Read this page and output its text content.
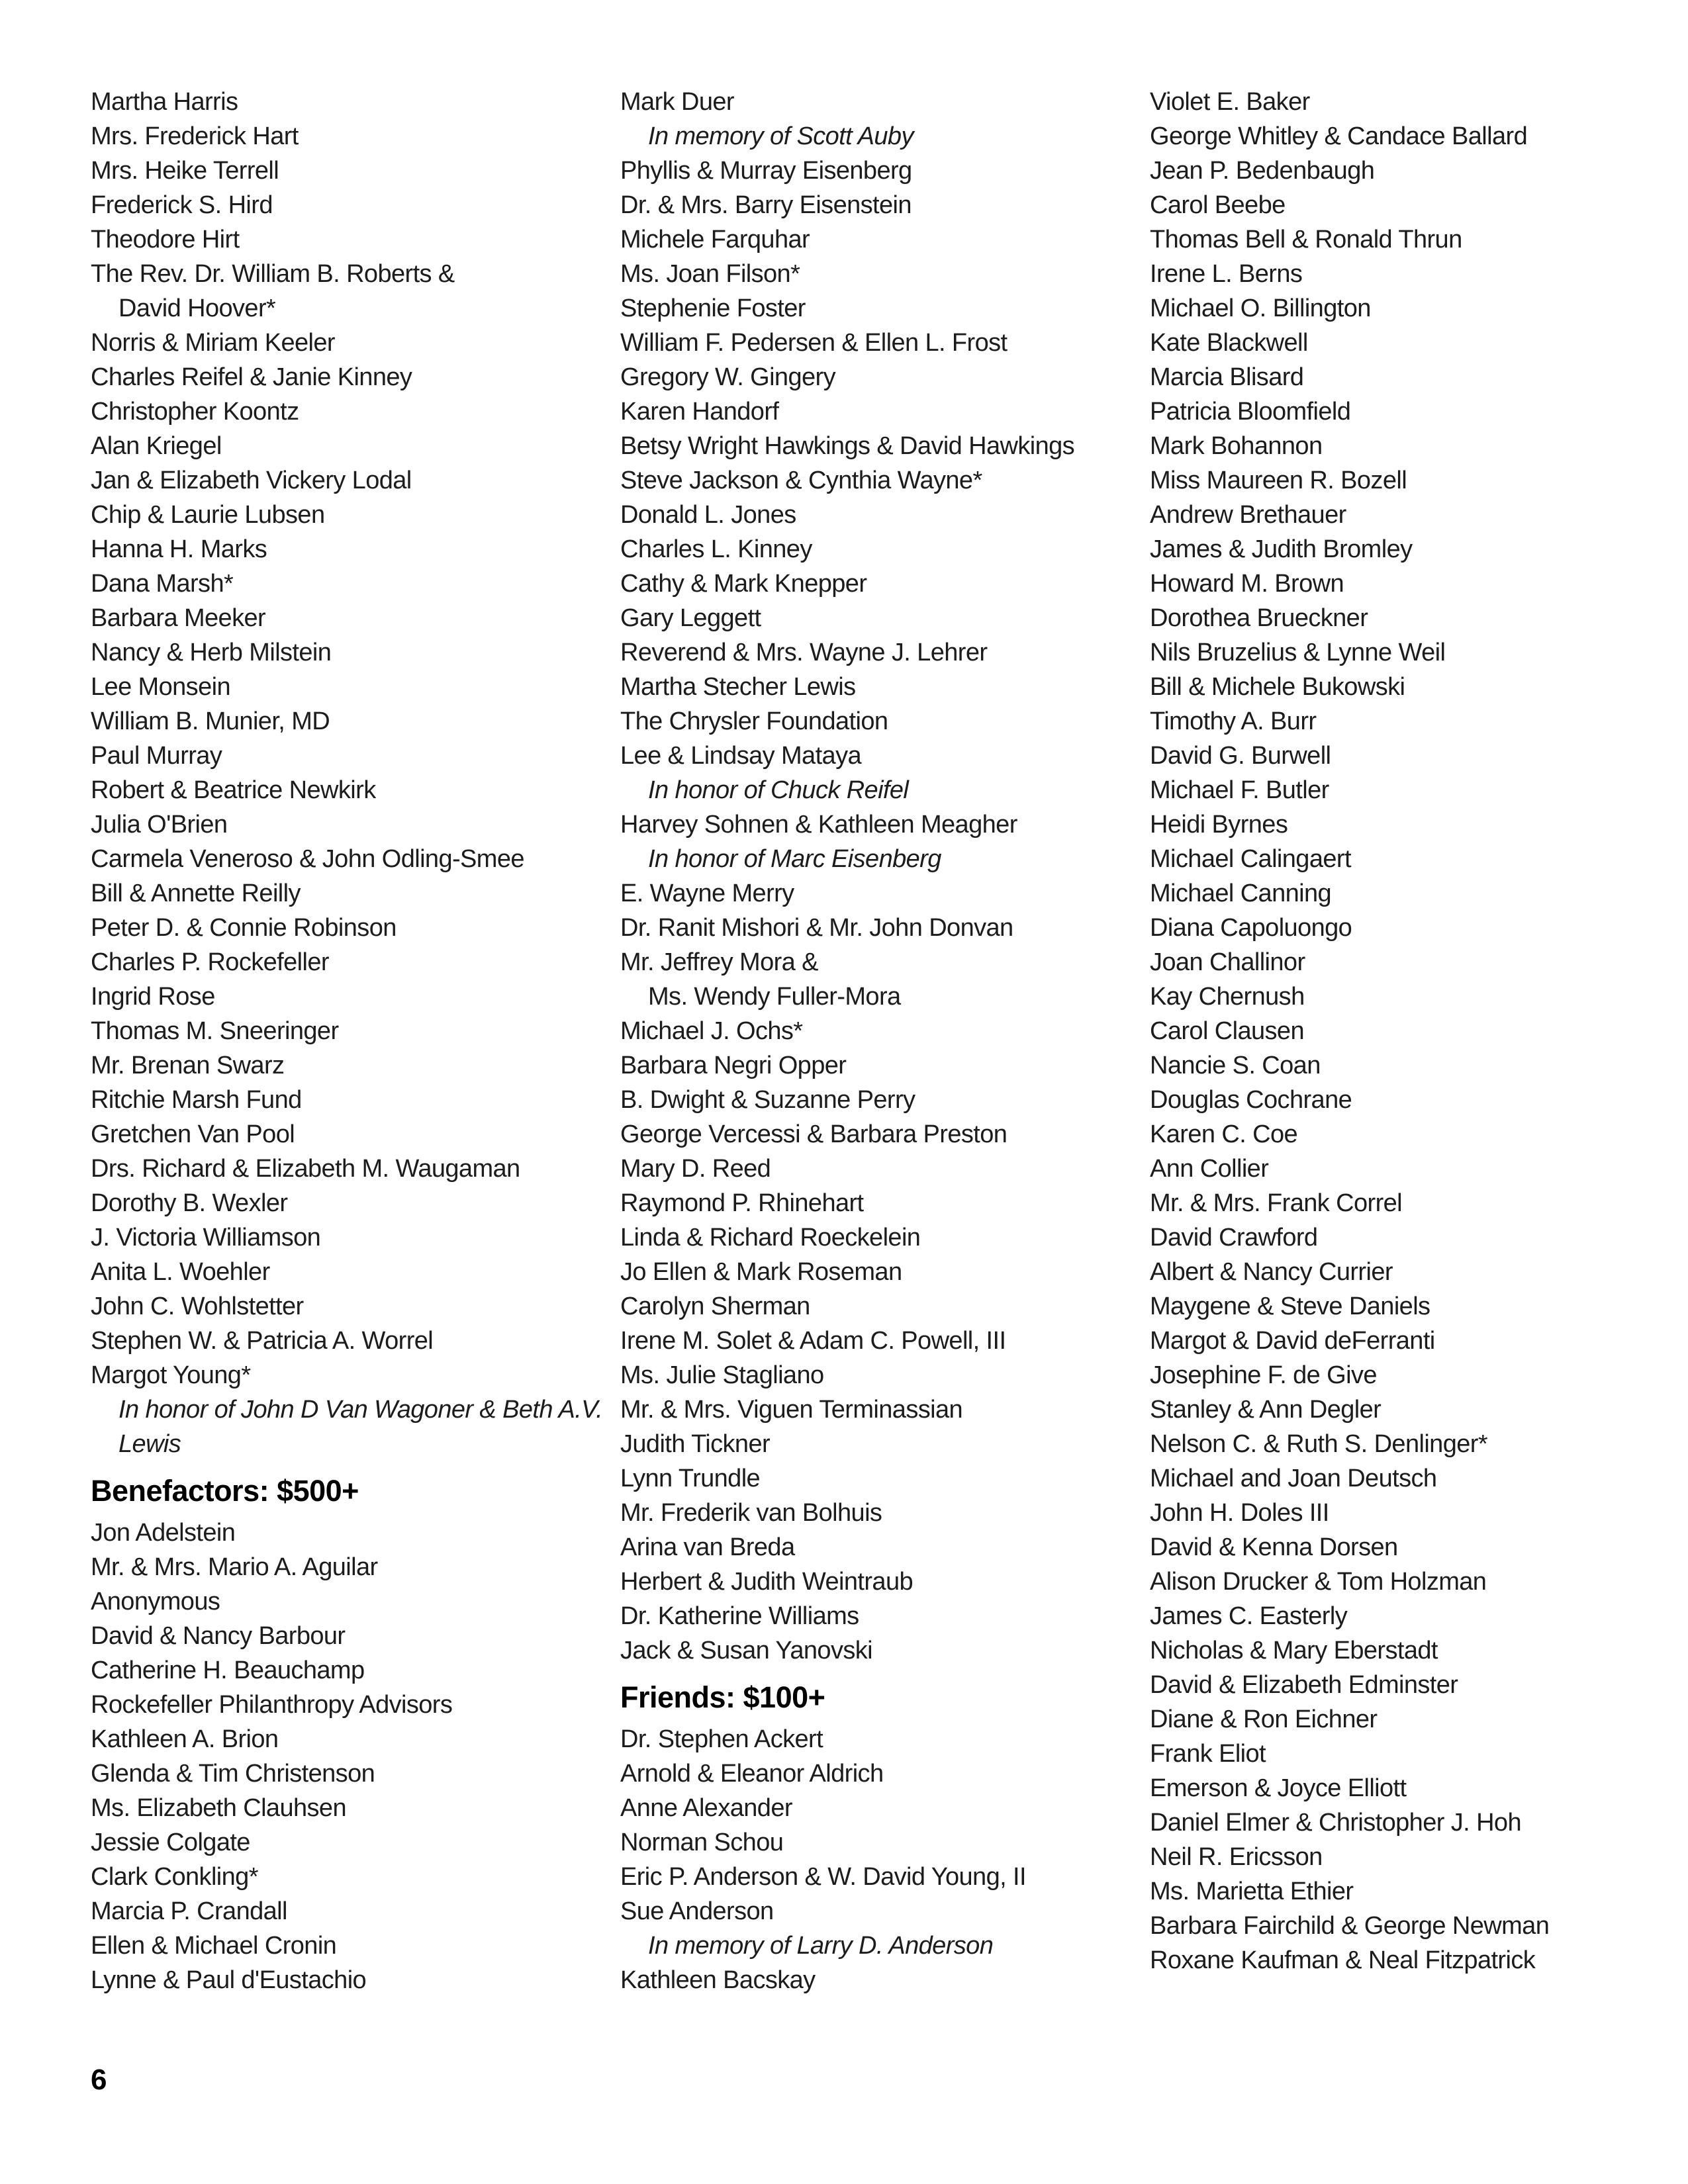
Martha Harris
Mrs. Frederick Hart
Mrs. Heike Terrell
Frederick S. Hird
Theodore Hirt
The Rev. Dr. William B. Roberts &
David Hoover*
Norris & Miriam Keeler
Charles Reifel & Janie Kinney
Christopher Koontz
Alan Kriegel
Jan & Elizabeth Vickery Lodal
Chip & Laurie Lubsen
Hanna H. Marks
Dana Marsh*
Barbara Meeker
Nancy & Herb Milstein
Lee Monsein
William B. Munier, MD
Paul Murray
Robert & Beatrice Newkirk
Julia O'Brien
Carmela Veneroso & John Odling-Smee
Bill & Annette Reilly
Peter D. & Connie Robinson
Charles P. Rockefeller
Ingrid Rose
Thomas M. Sneeringer
Mr. Brenan Swarz
Ritchie Marsh Fund
Gretchen Van Pool
Drs. Richard & Elizabeth M. Waugaman
Dorothy B. Wexler
J. Victoria Williamson
Anita L. Woehler
John C. Wohlstetter
Stephen W. & Patricia A. Worrel
Margot Young*
In honor of John D Van Wagoner & Beth A.V.
Lewis
Benefactors: $500+
Jon Adelstein
Mr. & Mrs. Mario A. Aguilar
Anonymous
David & Nancy Barbour
Catherine H. Beauchamp
Rockefeller Philanthropy Advisors
Kathleen A. Brion
Glenda & Tim Christenson
Ms. Elizabeth Clauhsen
Jessie Colgate
Clark Conkling*
Marcia P. Crandall
Ellen & Michael Cronin
Lynne & Paul d'Eustachio
Mark Duer
In memory of Scott Auby
Phyllis & Murray Eisenberg
Dr. & Mrs. Barry Eisenstein
Michele Farquhar
Ms. Joan Filson*
Stephenie Foster
William F. Pedersen & Ellen L. Frost
Gregory W. Gingery
Karen Handorf
Betsy Wright Hawkings & David Hawkings
Steve Jackson & Cynthia Wayne*
Donald L. Jones
Charles L. Kinney
Cathy & Mark Knepper
Gary Leggett
Reverend & Mrs. Wayne J. Lehrer
Martha Stecher Lewis
The Chrysler Foundation
Lee & Lindsay Mataya
In honor of Chuck Reifel
Harvey Sohnen & Kathleen Meagher
In honor of Marc Eisenberg
E. Wayne Merry
Dr. Ranit Mishori & Mr. John Donvan
Mr. Jeffrey Mora &
Ms. Wendy Fuller-Mora
Michael J. Ochs*
Barbara Negri Opper
B. Dwight & Suzanne Perry
George Vercessi & Barbara Preston
Mary D. Reed
Raymond P. Rhinehart
Linda & Richard Roeckelein
Jo Ellen & Mark Roseman
Carolyn Sherman
Irene M. Solet & Adam C. Powell, III
Ms. Julie Stagliano
Mr. & Mrs. Viguen Terminassian
Judith Tickner
Lynn Trundle
Mr. Frederik van Bolhuis
Arina van Breda
Herbert & Judith Weintraub
Dr. Katherine Williams
Jack & Susan Yanovski
Friends: $100+
Dr. Stephen Ackert
Arnold & Eleanor Aldrich
Anne Alexander
Norman Schou
Eric P. Anderson & W. David Young, II
Sue Anderson
In memory of Larry D. Anderson
Kathleen Bacskay
Violet E. Baker
George Whitley & Candace Ballard
Jean P. Bedenbaugh
Carol Beebe
Thomas Bell & Ronald Thrun
Irene L. Berns
Michael O. Billington
Kate Blackwell
Marcia Blisard
Patricia Bloomfield
Mark Bohannon
Miss Maureen R. Bozell
Andrew Brethauer
James & Judith Bromley
Howard M. Brown
Dorothea Brueckner
Nils Bruzelius & Lynne Weil
Bill & Michele Bukowski
Timothy A. Burr
David G. Burwell
Michael F. Butler
Heidi Byrnes
Michael Calingaert
Michael Canning
Diana Capoluongo
Joan Challinor
Kay Chernush
Carol Clausen
Nancie S. Coan
Douglas Cochrane
Karen C. Coe
Ann Collier
Mr. & Mrs. Frank Correl
David Crawford
Albert & Nancy Currier
Maygene & Steve Daniels
Margot & David deFerranti
Josephine F. de Give
Stanley & Ann Degler
Nelson C. & Ruth S. Denlinger*
Michael and Joan Deutsch
John H. Doles III
David & Kenna Dorsen
Alison Drucker & Tom Holzman
James C. Easterly
Nicholas & Mary Eberstadt
David & Elizabeth Edminster
Diane & Ron Eichner
Frank Eliot
Emerson & Joyce Elliott
Daniel Elmer & Christopher J. Hoh
Neil R. Ericsson
Ms. Marietta Ethier
Barbara Fairchild & George Newman
Roxane Kaufman & Neal Fitzpatrick
6
